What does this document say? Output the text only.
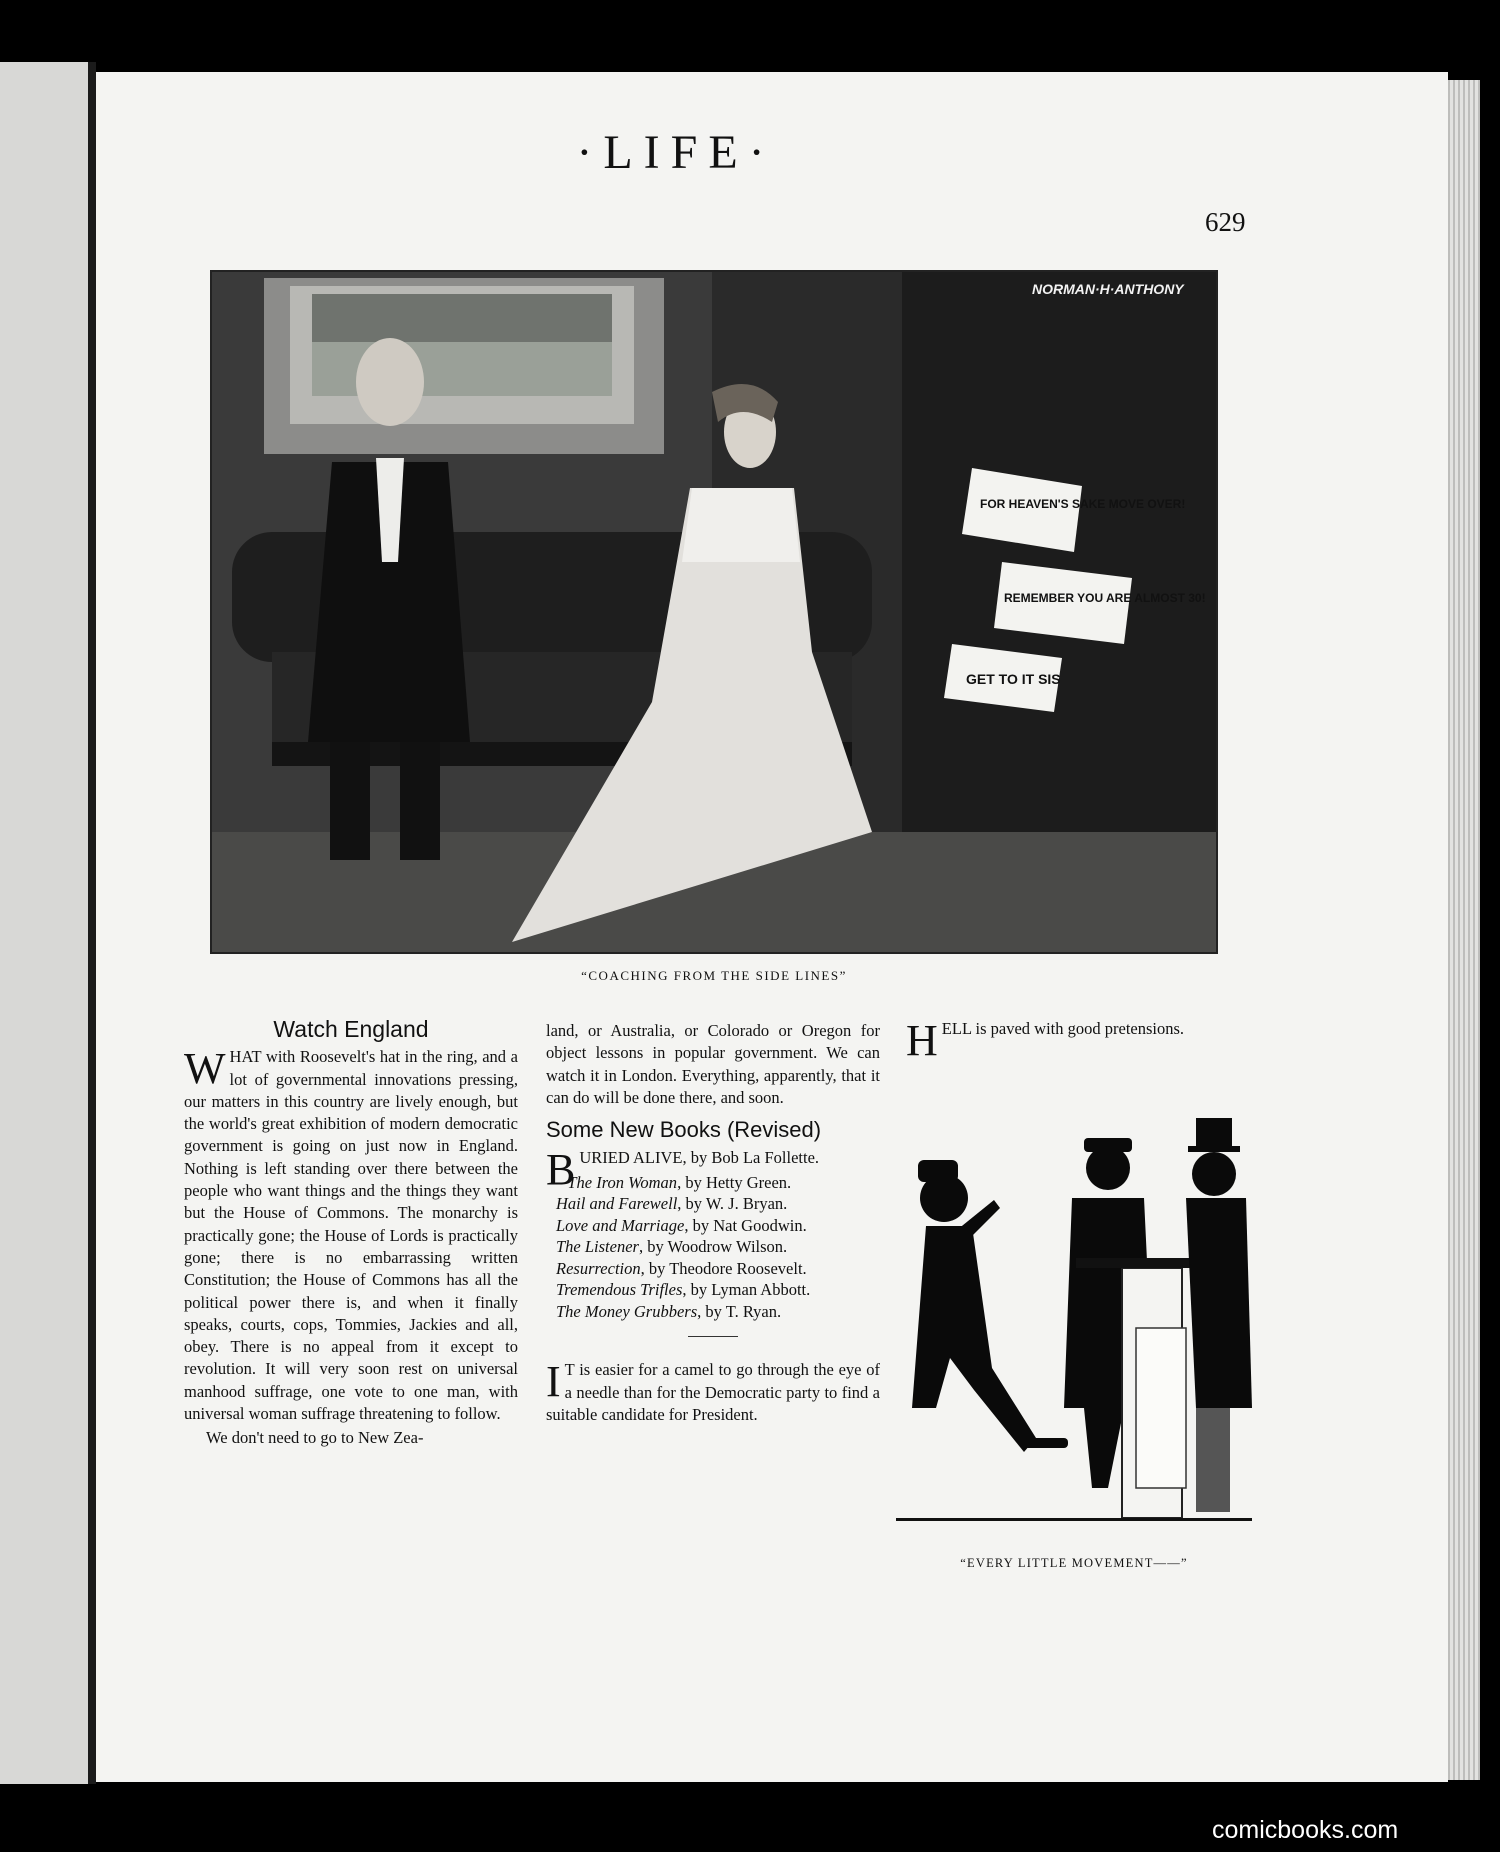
·LIFE·
629
FOR HEAVEN'S SAKE MOVE OVER!
REMEMBER YOU ARE ALMOST 30!
GET TO IT SIS
NORMAN·H·ANTHONY
“COACHING FROM THE SIDE LINES”
Watch England
WHAT with Roosevelt's hat in the ring, and a lot of governmental innovations pressing, our matters in this country are lively enough, but the world's great exhibition of modern democratic government is going on just now in England. Nothing is left standing over there between the people who want things and the things they want but the House of Commons. The monarchy is practically gone; the House of Lords is practically gone; there is no embarrassing written Constitution; the House of Commons has all the political power there is, and when it finally speaks, courts, cops, Tommies, Jackies and all, obey. There is no appeal from it except to revolution. It will very soon rest on universal manhood suffrage, one vote to one man, with universal woman suffrage threatening to follow.
We don't need to go to New Zea-
land, or Australia, or Colorado or Oregon for object lessons in popular government. We can watch it in London. Everything, apparently, that it can do will be done there, and soon.
Some New Books (Revised)
BURIED ALIVE, by Bob La Follette.
The Iron Woman, by Hetty Green.
Hail and Farewell, by W. J. Bryan.
Love and Marriage, by Nat Goodwin.
The Listener, by Woodrow Wilson.
Resurrection, by Theodore Roosevelt.
Tremendous Trifles, by Lyman Abbott.
The Money Grubbers, by T. Ryan.
I T is easier for a camel to go through the eye of a needle than for the Democratic party to find a suitable candidate for President.
HELL is paved with good pretensions.
“EVERY LITTLE MOVEMENT——”
comicbooks.com
